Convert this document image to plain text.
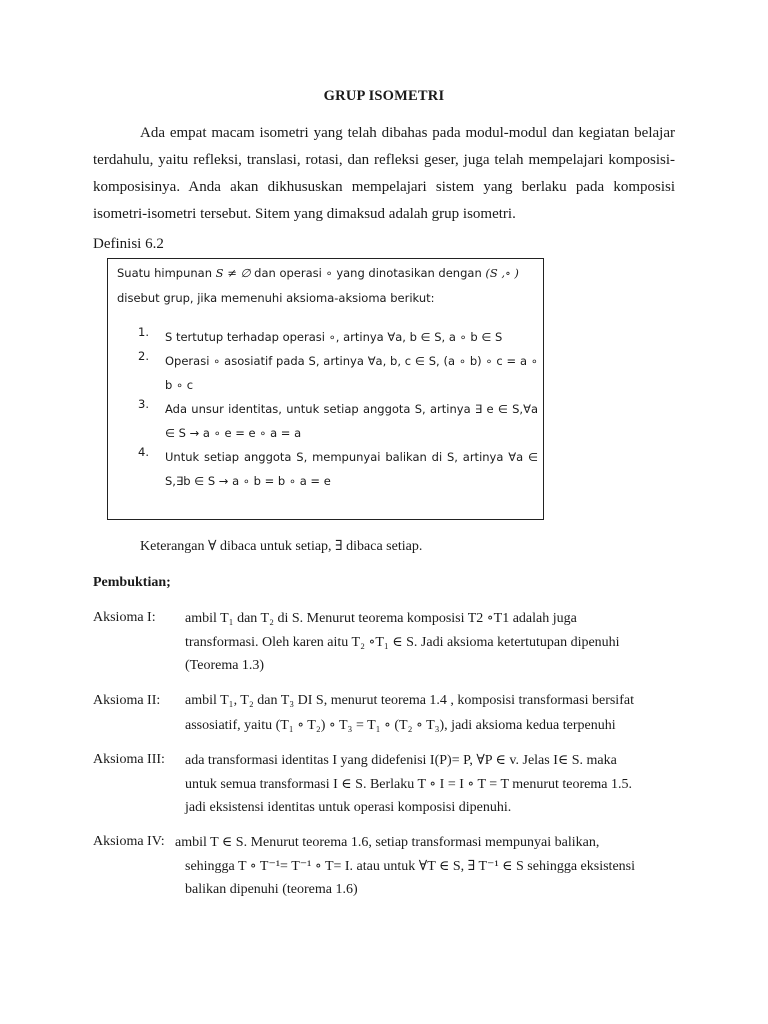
GRUP ISOMETRI

Ada empat macam isometri yang telah dibahas pada modul-modul dan kegiatan belajar terdahulu, yaitu refleksi, translasi, rotasi, dan refleksi geser, juga telah mempelajari komposisi-komposisinya. Anda akan dikhususkan mempelajari sistem yang berlaku pada komposisi isometri-isometri tersebut. Sitem yang dimaksud adalah grup isometri.

Definisi 6.2
Suatu himpunan S ≠ ∅ dan operasi ∘ yang dinotasikan dengan (S ,∘ )
disebut grup, jika memenuhi aksioma-aksioma berikut:
1. S tertutup terhadap operasi ∘, artinya ∀a, b ∈ S, a ∘ b ∈ S
2. Operasi ∘ asosiatif pada S, artinya ∀a, b, c ∈ S, (a ∘ b) ∘ c = a ∘ b ∘ c
3. Ada unsur identitas, untuk setiap anggota S, artinya ∃ e ∈ S,∀a ∈ S → a ∘ e = e ∘ a = a
4. Untuk setiap anggota S, mempunyai balikan di S, artinya ∀a ∈ S,∃b ∈ S → a ∘ b = b ∘ a = e
Keterangan ∀ dibaca untuk setiap, ∃ dibaca setiap.
Pembuktian;
Aksioma I: ambil T₁ dan T₂ di S. Menurut teorema komposisi T2 ∘T1 adalah juga
transformasi. Oleh karen aitu T₂ ∘T₁ ∈ S. Jadi aksioma ketertutupan dipenuhi
(Teorema 1.3)
Aksioma II: ambil T₁, T₂ dan T₃ DI S, menurut teorema 1.4 , komposisi transformasi bersifat
assosiatif, yaitu (T₁ ∘ T₂) ∘ T₃ = T₁ ∘ (T₂ ∘ T₃), jadi aksioma kedua terpenuhi
Aksioma III: ada transformasi identitas I yang didefenisi I(P)= P, ∀P ∈ v. Jelas I∈ S. maka
untuk semua transformasi I ∈ S. Berlaku T ∘ I = I ∘ T = T menurut teorema 1.5.
jadi eksistensi identitas untuk operasi komposisi dipenuhi.
Aksioma IV: ambil T ∈ S. Menurut teorema 1.6, setiap transformasi mempunyai balikan,
sehingga T ∘ T⁻¹= T⁻¹ ∘ T= I. atau untuk ∀T ∈ S, ∃ T⁻¹ ∈ S sehingga eksistensi
balikan dipenuhi (teorema 1.6)
